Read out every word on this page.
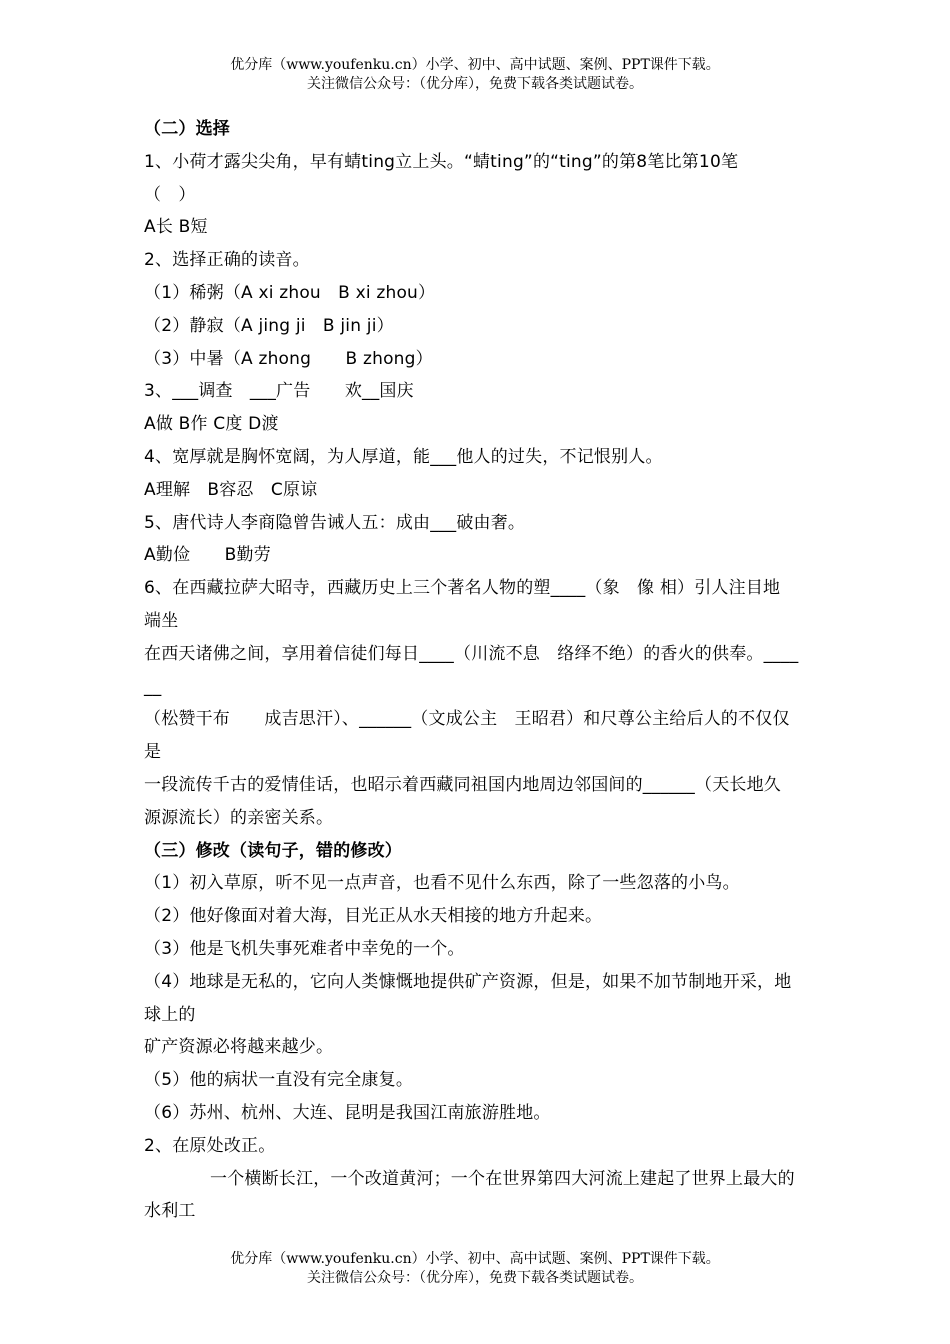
优分库（www.youfenku.cn）小学、初中、高中试题、案例、PPT课件下载。
关注微信公众号：（优分库），免费下载各类试题试卷。
（二）选择
1、小荷才露尖尖角，早有蜻ting立上头。“蜻ting”的“ting”的第8笔比第10笔
（　）
A长 B短
2、选择正确的读音。
（1）稀粥（A xi zhou　B xi zhou）
（2）静寂（A jing ji　B jin ji）
（3）中暑（A zhong　　B zhong）
3、___调查　___广告　　欢__国庆
A做 B作 C度 D渡
4、宽厚就是胸怀宽阔，为人厚道，能___他人的过失，不记恨别人。
A理解　B容忍　C原谅
5、唐代诗人李商隐曾告诫人五：成由___破由奢。
A勤俭　　B勤劳
6、在西藏拉萨大昭寺，西藏历史上三个著名人物的塑____（象　像 相）引人注目地
端坐
在西天诸佛之间，享用着信徒们每日____（川流不息　络绎不绝）的香火的供奉。____
__
（松赞干布　　成吉思汗）、______（文成公主　王昭君）和尺尊公主给后人的不仅仅
是
一段流传千古的爱情佳话，也昭示着西藏同祖国内地周边邻国间的______（天长地久
源源流长）的亲密关系。
（三）修改（读句子，错的修改）
（1）初入草原，听不见一点声音，也看不见什么东西，除了一些忽落的小鸟。
（2）他好像面对着大海，目光正从水天相接的地方升起来。
（3）他是飞机失事死难者中幸免的一个。
（4）地球是无私的，它向人类慷慨地提供矿产资源，但是，如果不加节制地开采，地
球上的
矿产资源必将越来越少。
（5）他的病状一直没有完全康复。
（6）苏州、杭州、大连、昆明是我国江南旅游胜地。
2、在原处改正。
一个横断长江，一个改道黄河；一个在世界第四大河流上建起了世界上最大的
水利工
优分库（www.youfenku.cn）小学、初中、高中试题、案例、PPT课件下载。
关注微信公众号：（优分库），免费下载各类试题试卷。
